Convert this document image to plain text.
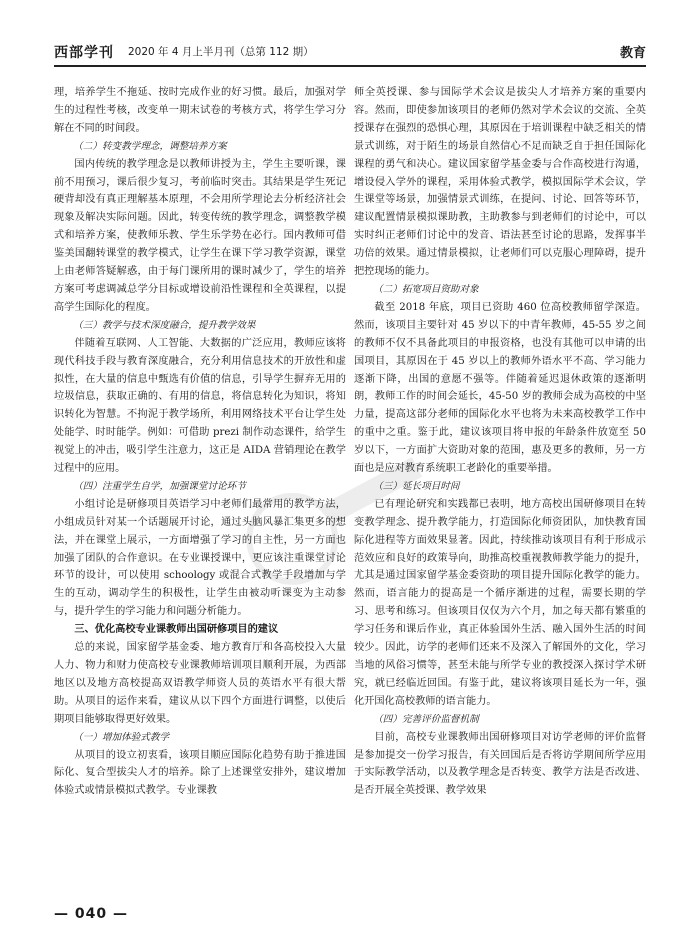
西部学刊 2020 年 4 月上半月刊（总第 112 期）	教育

理，培养学生不拖延、按时完成作业的好习惯。最后，加强对学生的过程性考核，改变单一期末试卷的考核方式，将学生学习分解在不同的时间段。

（二）转变教学理念，调整培养方案

国内传统的教学理念是以教师讲授为主，学生主要听课，课前不用预习，课后很少复习，考前临时突击。其结果是学生死记硬背却没有真正理解基本原理，不会用所学理论去分析经济社会现象及解决实际问题。因此，转变传统的教学理念，调整教学模式和培养方案，使教师乐教、学生乐学势在必行。国内教师可借鉴美国翻转课堂的教学模式，让学生在课下学习教学资源，课堂上由老师答疑解惑，由于每门课所用的课时减少了，学生的培养方案可考虑调减总学分目标或增设前沿性课程和全英课程，以提高学生国际化的程度。

（三）教学与技术深度融合，提升教学效果

伴随着互联网、人工智能、大数据的广泛应用，教师应该将现代科技手段与教育深度融合，充分利用信息技术的开放性和虚拟性，在大量的信息中甄选有价值的信息，引导学生摒弃无用的垃圾信息，获取正确的、有用的信息，将信息转化为知识，将知识转化为智慧。不拘泥于教学场所，利用网络技术平台让学生处处能学、时时能学。例如：可借助 prezi 制作动态课件，给学生视觉上的冲击，吸引学生注意力，这正是 AIDA 营销理论在教学过程中的应用。

（四）注重学生自学，加强课堂讨论环节

小组讨论是研修项目英语学习中老师们最常用的教学方法，小组成员针对某一个话题展开讨论，通过头脑风暴汇集更多的想法，并在课堂上展示，一方面增强了学习的自主性，另一方面也加强了团队的合作意识。在专业课授课中，更应该注重课堂讨论环节的设计，可以使用 schoology 或混合式教学手段增加与学生的互动，调动学生的积极性，让学生由被动听课变为主动参与，提升学生的学习能力和问题分析能力。

三、优化高校专业课教师出国研修项目的建议

总的来说，国家留学基金委、地方教育厅和各高校投入大量人力、物力和财力使高校专业课教师培训项目顺利开展，为西部地区以及地方高校提高双语教学师资人员的英语水平有很大帮助。从项目的运作来看，建议从以下四个方面进行调整，以使后期项目能够取得更好效果。

（一）增加体验式教学

从项目的设立初衷看，该项目顺应国际化趋势有助于推进国际化、复合型拔尖人才的培养。除了上述课堂安排外，建议增加体验式或情景模拟式教学。专业课教

师全英授课、参与国际学术会议是拔尖人才培养方案的重要内容。然而，即使参加该项目的老师仍然对学术会议的交流、全英授课存在强烈的恐惧心理，其原因在于培训课程中缺乏相关的情景式训练，对于陌生的场景自然信心不足而缺乏自于担任国际化课程的勇气和决心。建议国家留学基金委与合作高校进行沟通，增设侵入学外的课程，采用体验式教学，模拟国际学术会议，学生课堂等场景，加强情景式训练，在提问、讨论、回答等环节，建议配置情景模拟课助教，主助教参与到老师们的讨论中，可以实时纠正老师们讨论中的发音、语法甚至讨论的思路，发挥事半功倍的效果。通过情景模拟，让老师们可以克服心理障碍，提升把控现场的能力。

（二）拓宽项目资助对象

截至 2018 年底，项目已资助 460 位高校教师留学深造。然而，该项目主要针对 45 岁以下的中青年教师，45-55 岁之间的教师不仅不具备此项目的申报资格，也没有其他可以申请的出国项目，其原因在于 45 岁以上的教师外语水平不高、学习能力逐渐下降，出国的意愿不强等。伴随着延迟退休政策的逐渐明朗，教师工作的时间会延长，45-50 岁的教师会成为高校的中坚力量，提高这部分老师的国际化水平也将为未来高校教学工作中的重中之重。鉴于此，建议该项目将申报的年龄条件放宽至 50 岁以下，一方面扩大资助对象的范围，惠及更多的教师，另一方面也是应对教育系统职工老龄化的重要举措。

（三）延长项目时间

已有理论研究和实践都已表明，地方高校出国研修项目在转变教学理念、提升教学能力，打造国际化师资团队，加快教育国际化进程等方面效果显著。因此，持续推动该项目有利于形成示范效应和良好的政策导向，助推高校重视教师教学能力的提升，尤其是通过国家留学基金委资助的项目提升国际化教学的能力。然而，语言能力的提高是一个循序渐进的过程，需要长期的学习、思考和练习。但该项目仅仅为六个月，加之每天都有繁重的学习任务和课后作业，真正体验国外生活、融入国外生活的时间较少。因此，访学的老师们还来不及深入了解国外的文化，学习当地的风俗习惯等，甚至未能与所学专业的教授深入探讨学术研究，就已经临近回国。有鉴于此，建议将该项目延长为一年，强化开国化高校教师的语言能力。

（四）完善评价监督机制

目前，高校专业课教师出国研修项目对访学老师的评价监督是参加提交一份学习报告，有关回国后是否将访学期间所学应用于实际教学活动，以及教学理念是否转变、教学方法是否改进、是否开展全英授课、教学效果

— 040 —
